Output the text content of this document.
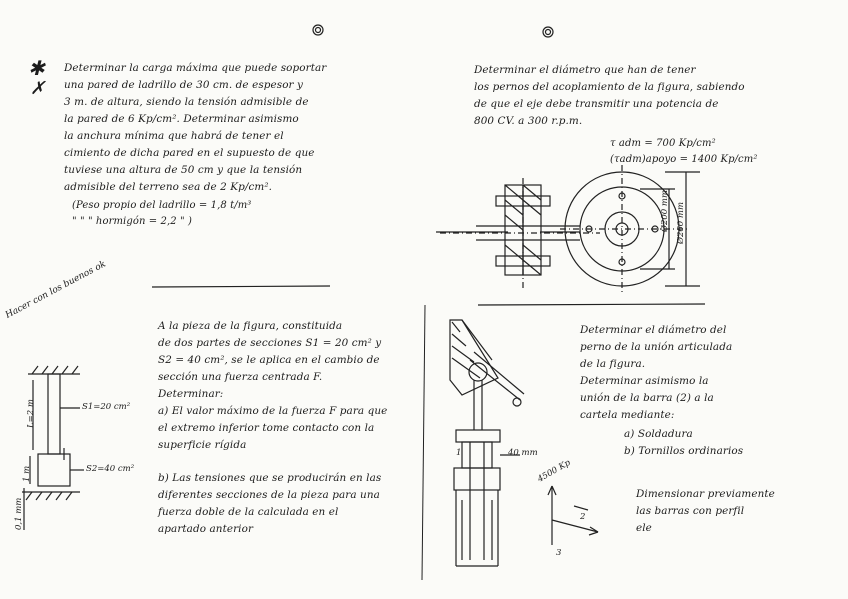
✱
✗
Determinar la carga máxima que puede soportar
una pared de ladrillo de 30 cm. de espesor y
3 m. de altura, siendo la tensión admisible de
la pared de 6 Kp/cm². Determinar asimismo
la anchura mínima que habrá de tener el
cimiento de dicha pared en el supuesto de que
tuviese una altura de 50 cm y que la tensión
admisible del terreno sea de 2 Kp/cm².
(Peso propio del ladrillo = 1,8 t/m³
" " " hormigón = 2,2 " )
Determinar el diámetro que han de tener
los pernos del acoplamiento de la figura, sabiendo
de que el eje debe transmitir una potencia de
800 CV. a 300 r.p.m.
τ adm = 700 Kp/cm²
(τadm)apoyo = 1400 Kp/cm²
Ø200 mm Ø260 mm
Hacer con los buenos ok
A la pieza de la figura, constituida
de dos partes de secciones S1 = 20 cm² y
S2 = 40 cm², se le aplica en el cambio de
sección una fuerza centrada F.
Determinar:
a) El valor máximo de la fuerza F para que
el extremo inferior tome contacto con la
superficie rígida
b) Las tensiones que se producirán en las
diferentes secciones de la pieza para una
fuerza doble de la calculada en el
apartado anterior
S1=20 cm²
S2=40 cm²
L=2 m
1 m
0,1 mm
Determinar el diámetro del
perno de la unión articulada
de la figura.
Determinar asimismo la
unión de la barra (2) a la
cartela mediante:
a) Soldadura
b) Tornillos ordinarios
Dimensionar previamente
las barras con perfil
ele
4500 Kp
40 mm
1
2
3
